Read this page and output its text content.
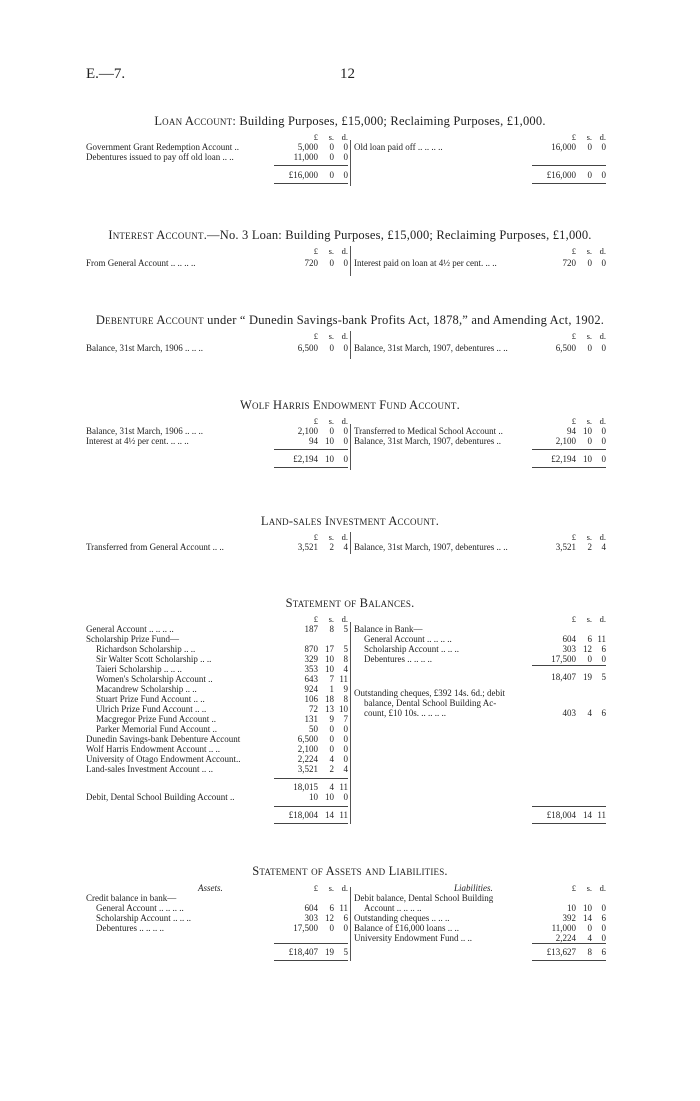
E.—7.	12
Loan Account: Building Purposes, £15,000; Reclaiming Purposes, £1,000.
£ s. d.
Government Grant Redemption Account ..	5,000 0 0
Debentures issued to pay off old loan .. ..	11,000 0 0
£16,000 0 0
£ s. d.
Old loan paid off .. .. .. ..	16,000 0 0
£16,000 0 0
Interest Account.—No. 3 Loan: Building Purposes, £15,000; Reclaiming Purposes, £1,000.
£ s. d.
From General Account .. .. .. ..	720 0 0
£ s. d.
Interest paid on loan at 4½ per cent. .. ..	720 0 0
Debenture Account under “ Dunedin Savings-bank Profits Act, 1878,” and Amending Act, 1902.
£ s. d.
Balance, 31st March, 1906 .. .. ..	6,500 0 0
£ s. d.
Balance, 31st March, 1907, debentures .. ..	6,500 0 0
Wolf Harris Endowment Fund Account.
£ s. d.
Balance, 31st March, 1906 .. .. ..	2,100 0 0
Interest at 4½ per cent. .. .. ..	94 10 0
£2,194 10 0
£ s. d.
Transferred to Medical School Account ..	94 10 0
Balance, 31st March, 1907, debentures ..	2,100 0 0
£2,194 10 0
Land-sales Investment Account.
£ s. d.
Transferred from General Account .. ..	3,521 2 4
£ s. d.
Balance, 31st March, 1907, debentures .. ..	3,521 2 4
Statement of Balances.
£ s. d.
General Account .. .. .. ..	187 8 5
Scholarship Prize Fund—
Richardson Scholarship .. ..	870 17 5
Sir Walter Scott Scholarship .. ..	329 10 8
Taieri Scholarship .. .. ..	353 10 4
Women's Scholarship Account ..	643 7 11
Macandrew Scholarship .. ..	924 1 9
Stuart Prize Fund Account .. ..	106 18 8
Ulrich Prize Fund Account .. ..	72 13 10
Macgregor Prize Fund Account ..	131 9 7
Parker Memorial Fund Account ..	50 0 0
Dunedin Savings-bank Debenture Account	6,500 0 0
Wolf Harris Endowment Account .. ..	2,100 0 0
University of Otago Endowment Account..	2,224 4 0
Land-sales Investment Account .. ..	3,521 2 4
18,015 4 11
Debit, Dental School Building Account ..	10 10 0
£18,004 14 11
£ s. d.
Balance in Bank—
General Account .. .. .. ..	604 6 11
Scholarship Account .. .. ..	303 12 6
Debentures .. .. .. ..	17,500 0 0
18,407 19 5
Outstanding cheques, £392 14s. 6d.; debit
balance, Dental School Building Ac-
count, £10 10s. .. .. .. ..	403 4 6
£18,004 14 11
Statement of Assets and Liabilities.
Assets.	£ s. d.
Credit balance in bank—
General Account .. .. .. ..	604 6 11
Scholarship Account .. .. ..	303 12 6
Debentures .. .. .. ..	17,500 0 0
£18,407 19 5
Liabilities.	£ s. d.
Debit balance, Dental School Building
Account .. .. .. ..	10 10 0
Outstanding cheques .. .. ..	392 14 6
Balance of £16,000 loans .. ..	11,000 0 0
University Endowment Fund .. ..	2,224 4 0
£13,627 8 6
